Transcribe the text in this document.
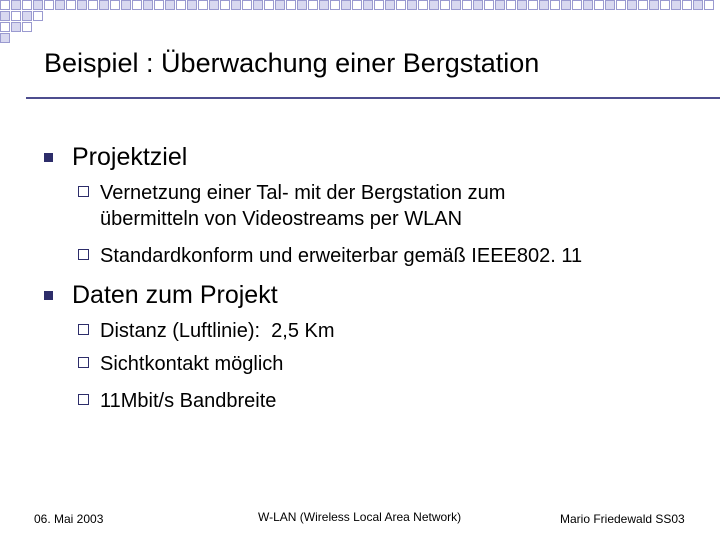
Beispiel : Überwachung einer Bergstation
Projektziel
Vernetzung einer Tal- mit der Bergstation zum
übermitteln von Videostreams per WLAN
Standardkonform und erweiterbar gemäß IEEE802. 11
Daten zum Projekt
Distanz (Luftlinie):  2,5 Km
Sichtkontakt möglich
11Mbit/s Bandbreite
06. Mai 2003	W-LAN (Wireless Local Area Network)	Mario Friedewald SS03
